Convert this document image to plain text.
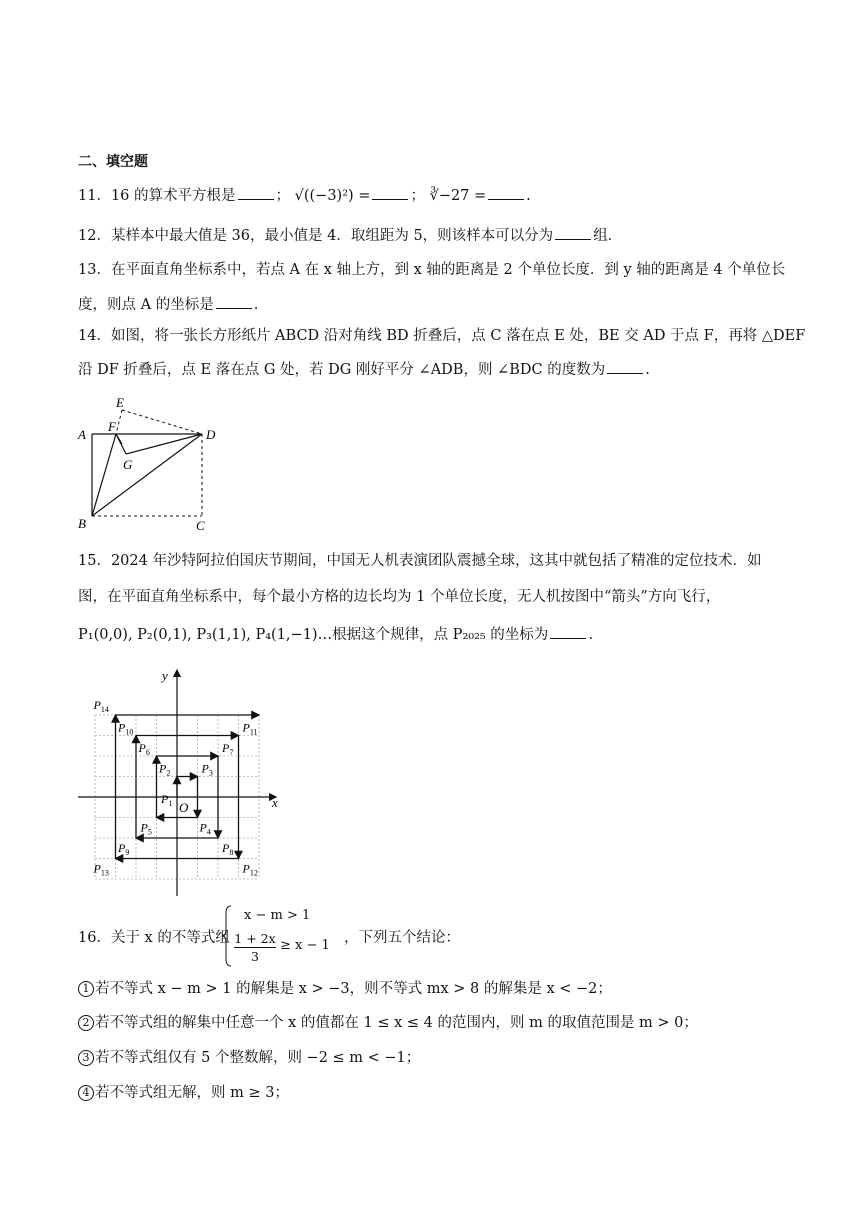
二、填空题
11．16 的算术平方根是	； √((−3)²) =	； ∛−27 =	.
12．某样本中最大值是 36，最小值是 4．取组距为 5，则该样本可以分为	组．
13．在平面直角坐标系中，若点 A 在 x 轴上方，到 x 轴的距离是 2 个单位长度．到 y 轴的距离是 4 个单位长
度，则点 A 的坐标是	.
14．如图，将一张长方形纸片 ABCD 沿对角线 BD 折叠后，点 C 落在点 E 处，BE 交 AD 于点 F，再将 △DEF
沿 DF 折叠后，点 E 落在点 G 处，若 DG 刚好平分 ∠ADB，则 ∠BDC 的度数为	.
A	D
B	C
E
F
G
15．2024 年沙特阿拉伯国庆节期间，中国无人机表演团队震撼全球，这其中就包括了精准的定位技术．如
图，在平面直角坐标系中，每个最小方格的边长均为 1 个单位长度，无人机按图中“箭头”方向飞行，
P₁(0,0), P₂(0,1), P₃(1,1), P₄(1,−1)…根据这个规律，点 P₂₀₂₅ 的坐标为	.
$P_1$
$P_2$	$P_3$
$P_4$
$P_5$
$P_6$	$P_7$
$P_8$
$P_9$
$P_{10}$	$P_{11}$
$P_{12}$
$P_{13}$
$P_{14}$
y
x
O
16．关于 x 的不等式组
x − m > 1
1 + 2x
3
≥ x − 1 ，下列五个结论：
1 若不等式 x − m > 1 的解集是 x > −3，则不等式 mx > 8 的解集是 x < −2；
2 若不等式组的解集中任意一个 x 的值都在 1 ≤ x ≤ 4 的范围内，则 m 的取值范围是 m > 0；
3 若不等式组仅有 5 个整数解，则 −2 ≤ m < −1；
4 若不等式组无解，则 m ≥ 3；
